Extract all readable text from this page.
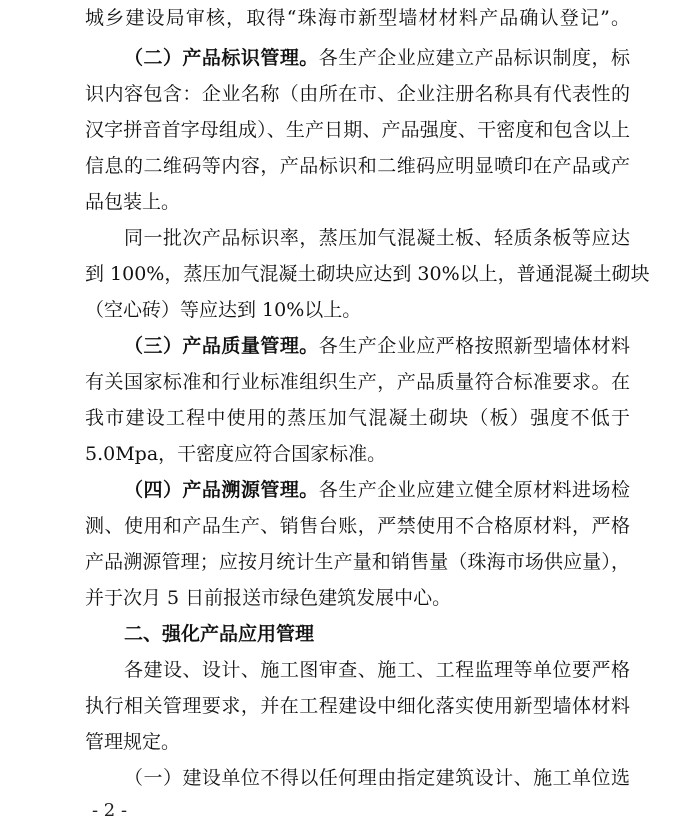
城乡建设局审核，取得“珠海市新型墙材材料产品确认登记”。
（二）产品标识管理。各生产企业应建立产品标识制度，标
识内容包含：企业名称（由所在市、企业注册名称具有代表性的
汉字拼音首字母组成）、生产日期、产品强度、干密度和包含以上
信息的二维码等内容，产品标识和二维码应明显喷印在产品或产
品包装上。
同一批次产品标识率，蒸压加气混凝土板、轻质条板等应达
到 100%，蒸压加气混凝土砌块应达到 30%以上，普通混凝土砌块
（空心砖）等应达到 10%以上。
（三）产品质量管理。各生产企业应严格按照新型墙体材料
有关国家标准和行业标准组织生产，产品质量符合标准要求。在
我市建设工程中使用的蒸压加气混凝土砌块（板）强度不低于
5.0Mpa，干密度应符合国家标准。
（四）产品溯源管理。各生产企业应建立健全原材料进场检
测、使用和产品生产、销售台账，严禁使用不合格原材料，严格
产品溯源管理；应按月统计生产量和销售量（珠海市场供应量），
并于次月 5 日前报送市绿色建筑发展中心。
二、强化产品应用管理
各建设、设计、施工图审查、施工、工程监理等单位要严格
执行相关管理要求，并在工程建设中细化落实使用新型墙体材料
管理规定。
（一）建设单位不得以任何理由指定建筑设计、施工单位选
- 2 -
